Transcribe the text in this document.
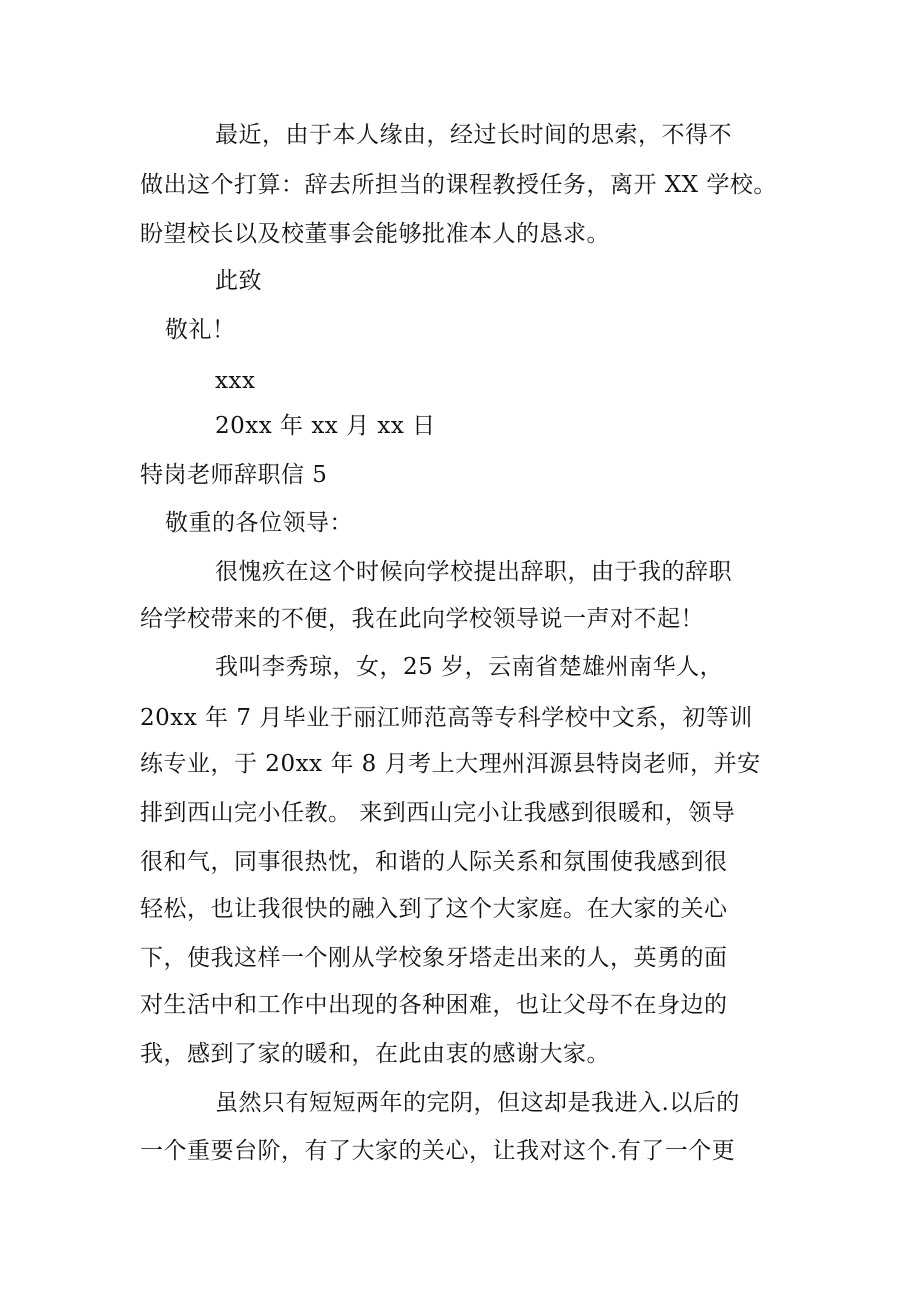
最近，由于本人缘由，经过长时间的思索，不得不
做出这个打算：辞去所担当的课程教授任务，离开 XX 学校。
盼望校长以及校董事会能够批准本人的恳求。
此致
敬礼！
xxx
20xx 年 xx 月 xx 日
特岗老师辞职信 5
敬重的各位领导：
很愧疚在这个时候向学校提出辞职，由于我的辞职
给学校带来的不便，我在此向学校领导说一声对不起！
我叫李秀琼，女，25 岁，云南省楚雄州南华人，
20xx 年 7 月毕业于丽江师范高等专科学校中文系，初等训
练专业，于 20xx 年 8 月考上大理州洱源县特岗老师，并安
排到西山完小任教。 来到西山完小让我感到很暖和，领导
很和气，同事很热忱，和谐的人际关系和氛围使我感到很
轻松，也让我很快的融入到了这个大家庭。在大家的关心
下，使我这样一个刚从学校象牙塔走出来的人，英勇的面
对生活中和工作中出现的各种困难，也让父母不在身边的
我，感到了家的暖和，在此由衷的感谢大家。
虽然只有短短两年的完阴，但这却是我进入.以后的
一个重要台阶，有了大家的关心，让我对这个.有了一个更
